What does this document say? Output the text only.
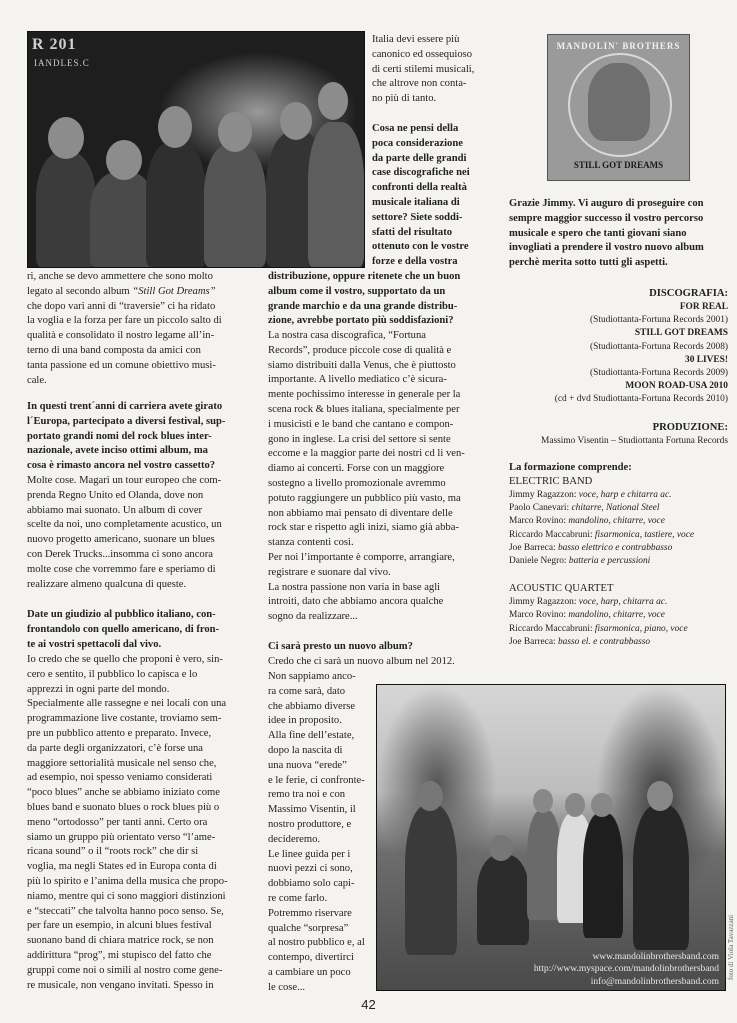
R 201
IANDLES.C
MANDOLIN' BROTHERS
STILL GOT DREAMS

ri, anche se devo ammettere che sono molto

legato al secondo album “Still Got Dreams”

che dopo vari anni di “traversie” ci ha ridato

la voglia e la forza per fare un piccolo salto di

qualità e consolidato il nostro legame all’in-

terno di una band composta da amici con

tanta passione ed un comune obiettivo musi-

cale.

In questi trent´anni di carriera avete girato

l´Europa, partecipato a diversi festival, sup-

portato grandi nomi del rock blues inter-

nazionale, avete inciso ottimi album, ma

cosa è rimasto ancora nel vostro cassetto?

Molte cose. Magari un tour europeo che com-

prenda Regno Unito ed Olanda, dove non

abbiamo mai suonato. Un album di cover

scelte da noi, uno completamente acustico, un

nuovo progetto americano, suonare un blues

con Derek Trucks...insomma ci sono ancora

molte cose che vorremmo fare e speriamo di

realizzare almeno qualcuna di queste.

Date un giudizio al pubblico italiano, con-

frontandolo con quello americano, di fron-

te ai vostri spettacoli dal vivo.

Io credo che se quello che proponi è vero, sin-

cero e sentito, il pubblico lo capisca e lo

apprezzi in ogni parte del mondo.

Specialmente alle rassegne e nei locali con una

programmazione live costante, troviamo sem-

pre un pubblico attento e preparato. Invece,

da parte degli organizzatori, c’è forse una

maggiore settorialità musicale nel senso che,

ad esempio, noi spesso veniamo considerati

“poco blues” anche se abbiamo iniziato come

blues band e suonato blues o rock blues più o

meno “ortodosso” per tanti anni. Certo ora

siamo un gruppo più orientato verso “l’ame-

ricana sound” o il “roots rock” che dir si

voglia, ma negli States ed in Europa conta di

più lo spirito e l’anima della musica che propo-

niamo, mentre qui ci sono maggiori distinzioni

e “steccati” che talvolta hanno poco senso. Se,

per fare un esempio, in alcuni blues festival

suonano band di chiara matrice rock, se non

addirittura “prog”, mi stupisco del fatto che

gruppi come noi o simili al nostro come gene-

re musicale, non vengano invitati. Spesso in

Italia devi essere più

canonico ed ossequioso

di certi stilemi musicali,

che altrove non conta-

no più di tanto.

Cosa ne pensi della

poca considerazione

da parte delle grandi

case discografiche nei

confronti della realtà

musicale italiana di

settore? Siete soddi-

sfatti del risultato

ottenuto con le vostre

forze e della vostra

distribuzione, oppure ritenete che un buon

album come il vostro, supportato da un

grande marchio e da una grande distribu-

zione, avrebbe portato più soddisfazioni?

La nostra casa discografica, “Fortuna

Records”, produce piccole cose di qualità e

siamo distribuiti dalla Venus, che è piuttosto

importante. A livello mediatico c’è sicura-

mente pochissimo interesse in generale per la

scena rock & blues italiana, specialmente per

i musicisti e le band che cantano e compon-

gono in inglese. La crisi del settore si sente

eccome e la maggior parte dei nostri cd li ven-

diamo ai concerti. Forse con un maggiore

sostegno a livello promozionale avremmo

potuto raggiungere un pubblico più vasto, ma

non abbiamo mai pensato di diventare delle

rock star e rispetto agli inizi, siamo già abba-

stanza contenti così.

Per noi l’importante è comporre, arrangiare,

registrare e suonare dal vivo.

La nostra passione non varia in base agli

introiti, dato che abbiamo ancora qualche

sogno da realizzare...

Ci sarà presto un nuovo album?

Credo che ci sarà un nuovo album nel 2012.

Non sappiamo anco-

ra come sarà, dato

che abbiamo diverse

idee in proposito.

Alla fine dell’estate,

dopo la nascita di

una nuova “erede”

e le ferie, ci confronte-

remo tra noi e con

Massimo Visentin, il

nostro produttore, e

decideremo.

Le linee guida per i

nuovi pezzi ci sono,

dobbiamo solo capi-

re come farlo.

Potremmo riservare

qualche “sorpresa”

al nostro pubblico e, al

contempo, divertirci

a cambiare un poco

le cose...

Grazie Jimmy. Vi auguro di proseguire con

sempre maggior successo il vostro percorso

musicale e spero che tanti giovani siano

invogliati a prendere il vostro nuovo album

perchè merita sotto tutti gli aspetti.

DISCOGRAFIA:

FOR REAL

(Studiottanta-Fortuna Records 2001)

STILL GOT DREAMS

(Studiottanta-Fortuna Records 2008)

30 LIVES!

(Studiottanta-Fortuna Records 2009)

MOON ROAD-USA 2010

(cd + dvd Studiottanta-Fortuna Records 2010)

PRODUZIONE:

Massimo Visentin – Studiottanta Fortuna Records

La formazione comprende:

ELECTRIC BAND

Jimmy Ragazzon: voce, harp e chitarra ac.

Paolo Canevari: chitarre, National Steel

Marco Rovino: mandolino, chitarre, voce

Riccardo Maccabruni: fisarmonica, tastiere, voce

Joe Barreca: basso elettrico e contrabbasso

Daniele Negro: batteria e percussioni

ACOUSTIC QUARTET

Jimmy Ragazzon: voce, harp, chitarra ac.

Marco Rovino: mandolino, chitarre, voce

Riccardo Maccabruni: fisarmonica, piano, voce

Joe Barreca: basso el. e contrabbasso

www.mandolinbrothersband.com
http://www.myspace.com/mandolinbrothersband
info@mandolinbrothersband.com
foto di Viola Tavazzani
42
